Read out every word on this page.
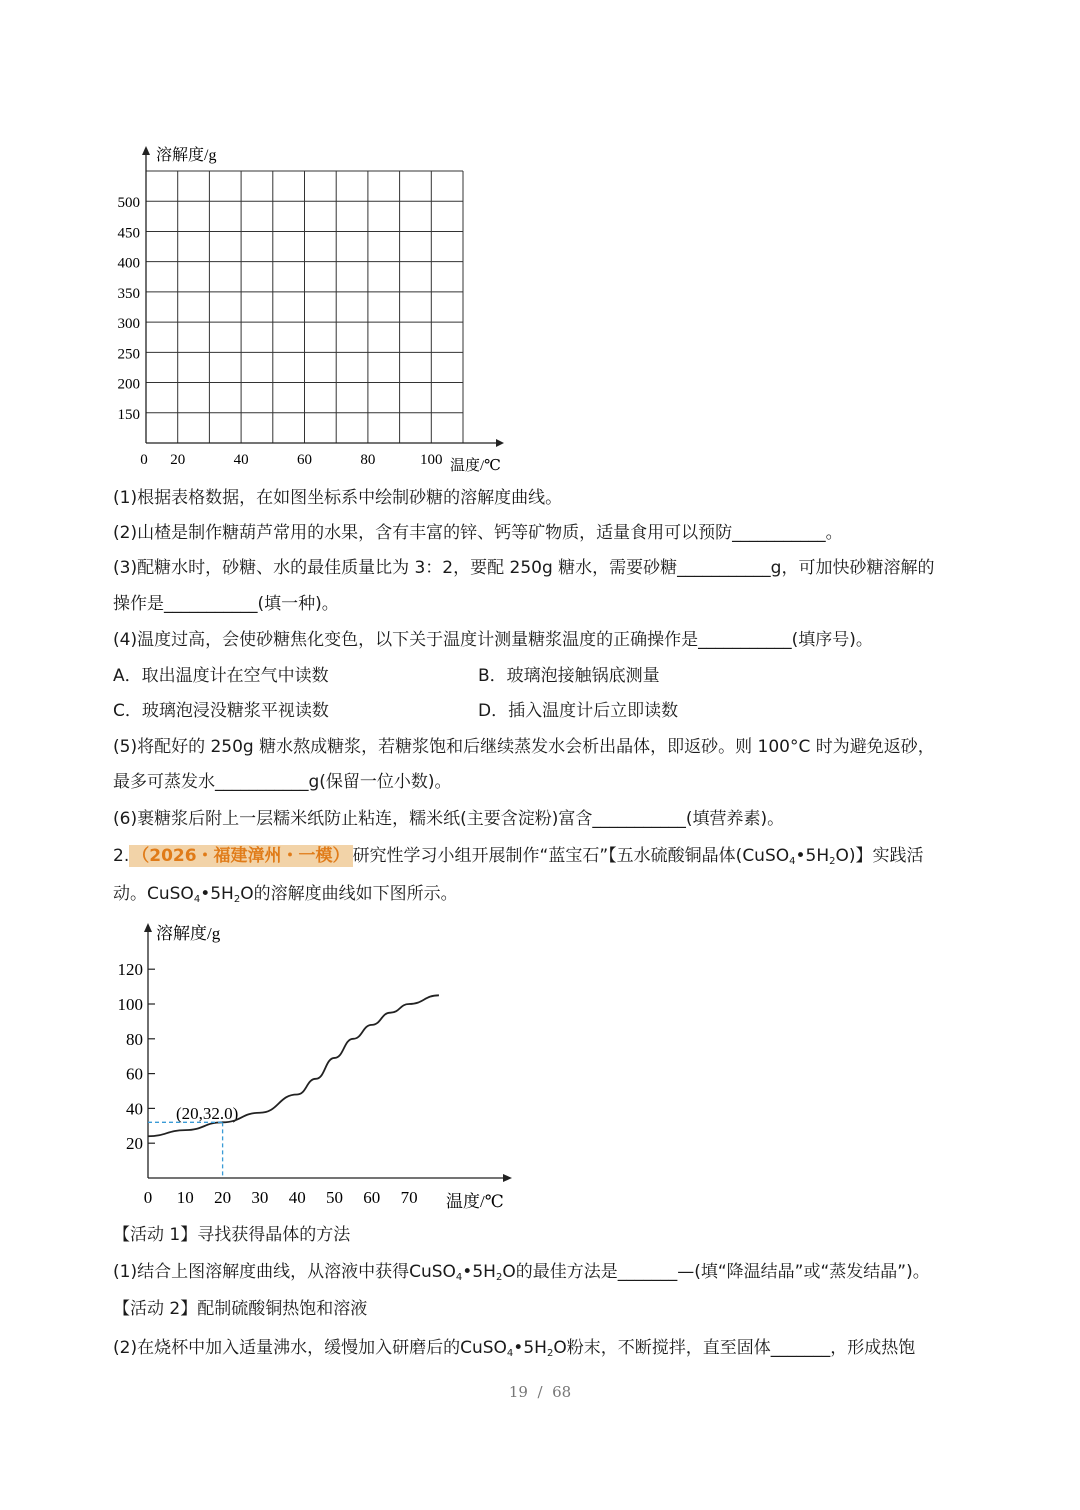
溶解度/g
温度/℃
500
450
400
350
300
250
200
150
0 20	40	60	80	100
(1)根据表格数据，在如图坐标系中绘制砂糖的溶解度曲线。
(2)山楂是制作糖葫芦常用的水果，含有丰富的锌、钙等矿物质，适量食用可以预防___________。
(3)配糖水时，砂糖、水的最佳质量比为 3：2，要配 250g 糖水，需要砂糖___________g，可加快砂糖溶解的
操作是___________(填一种)。
(4)温度过高，会使砂糖焦化变色，以下关于温度计测量糖浆温度的正确操作是___________(填序号)。
A．取出温度计在空气中读数	B．玻璃泡接触锅底测量
C．玻璃泡浸没糖浆平视读数	D．插入温度计后立即读数
(5)将配好的 250g 糖水熬成糖浆，若糖浆饱和后继续蒸发水会析出晶体，即返砂。则 100°C 时为避免返砂，
最多可蒸发水___________g(保留一位小数)。
(6)裹糖浆后附上一层糯米纸防止粘连，糯米纸(主要含淀粉)富含___________(填营养素)。
2. （2026・福建漳州・一模） 研究性学习小组开展制作“蓝宝石”【五水硫酸铜晶体$(CuSO_4•5H_2O)$】实践活
动。$CuSO_4•5H_2O$的溶解度曲线如下图所示。
溶解度/g
温度/℃
(20,32.0)
120
100
80
60
40
20
0 10 20 30 40 50 60 70
【活动 1】寻找获得晶体的方法
(1)结合上图溶解度曲线，从溶液中获得$CuSO_4•5H_2O$的最佳方法是_______—(填“降温结晶”或“蒸发结晶”)。
【活动 2】配制硫酸铜热饱和溶液
(2)在烧杯中加入适量沸水，缓慢加入研磨后的$CuSO_4•5H_2O$粉末，不断搅拌，直至固体_______，形成热饱
19 / 68
